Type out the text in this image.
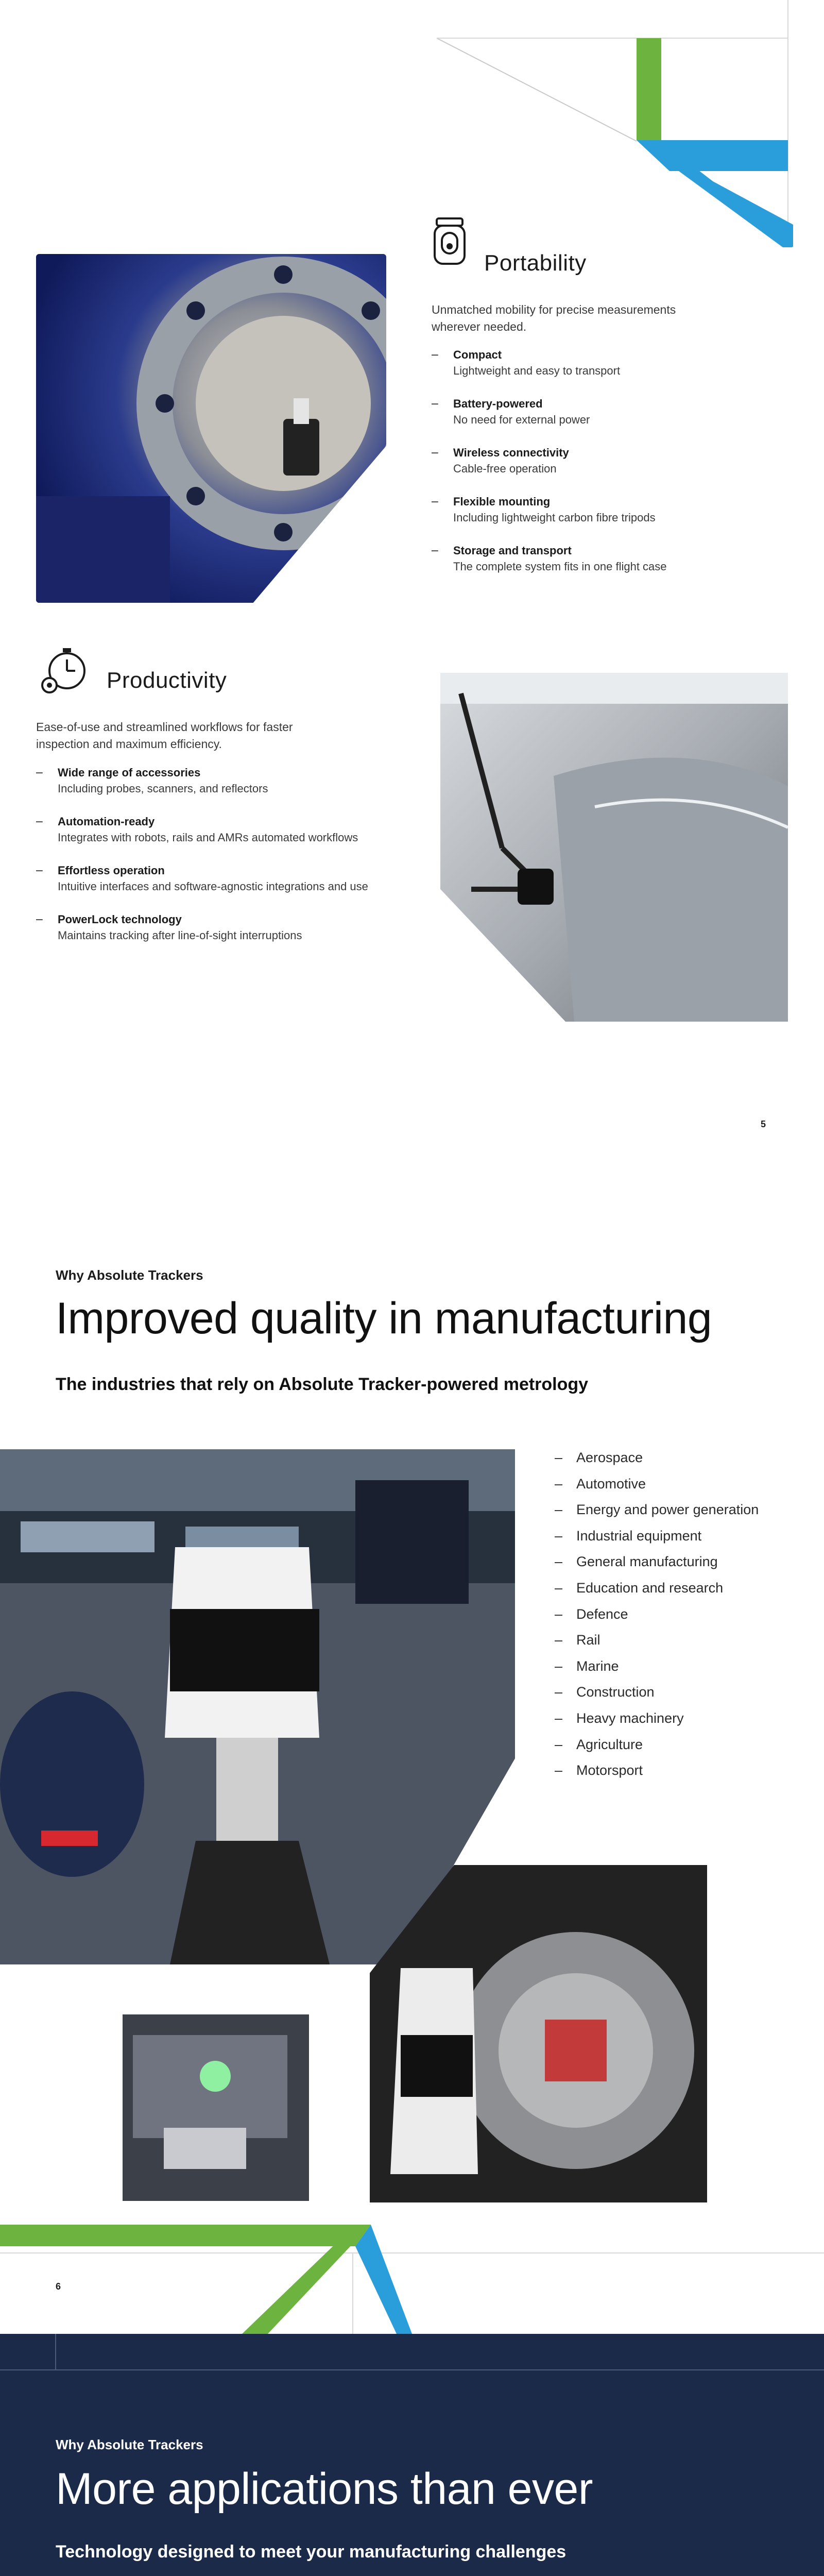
Portability
Unmatched mobility for precise measurements wherever needed.
– Compact
Lightweight and easy to transport
– Battery-powered
No need for external power
– Wireless connectivity
Cable-free operation
– Flexible mounting
Including lightweight carbon fibre tripods
– Storage and transport
The complete system fits in one flight case
Productivity
Ease-of-use and streamlined workflows for faster inspection and maximum efficiency.
– Wide range of accessories
Including probes, scanners, and reflectors
– Automation-ready
Integrates with robots, rails and AMRs automated workflows
– Effortless operation
Intuitive interfaces and software-agnostic integrations and use
– PowerLock technology
Maintains tracking after line-of-sight interruptions
5
Why Absolute Trackers
Improved quality in manufacturing
The industries that rely on Absolute Tracker-powered metrology
– Aerospace
– Automotive
– Energy and power generation
– Industrial equipment
– General manufacturing
– Education and research
– Defence
– Rail
– Marine
– Construction
– Heavy machinery
– Agriculture
– Motorsport
6
Why Absolute Trackers
More applications than ever
Technology designed to meet your manufacturing challenges
